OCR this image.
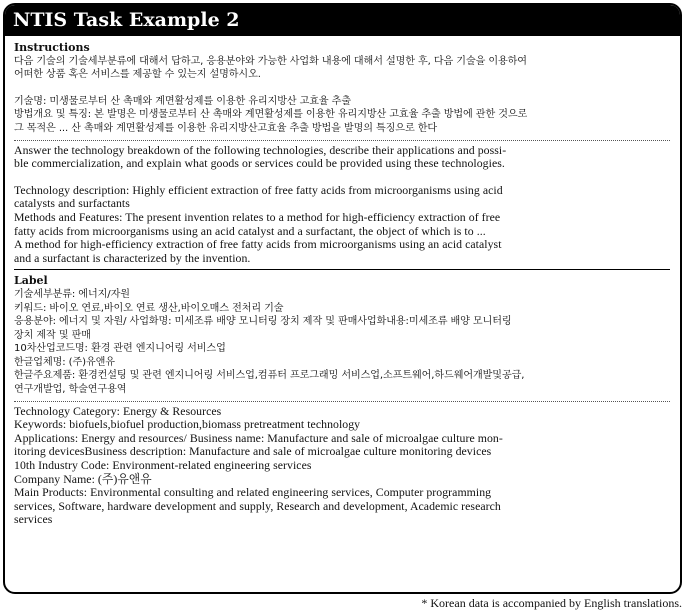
NTIS Task Example 2
Instructions
다음 기술의 기술세부분류에 대해서 답하고, 응용분야와 가능한 사업화 내용에 대해서 설명한 후, 다음 기술을 이용하여
어떠한 상품 혹은 서비스를 제공할 수 있는지 설명하시오.
기술명: 미생물로부터 산 촉매와 계면활성제를 이용한 유리지방산 고효율 추출
방법개요 및 특징: 본 발명은 미생물로부터 산 촉매와 계면활성제를 이용한 유리지방산 고효율 추출 방법에 관한 것으로
그 목적은 ... 산 촉매와 계면활성제를 이용한 유리지방산고효율 추출 방법을 발명의 특징으로 한다
Answer the technology breakdown of the following technologies, describe their applications and possi-
ble commercialization, and explain what goods or services could be provided using these technologies.
Technology description: Highly efficient extraction of free fatty acids from microorganisms using acid
catalysts and surfactants
Methods and Features: The present invention relates to a method for high-efficiency extraction of free
fatty acids from microorganisms using an acid catalyst and a surfactant, the object of which is to ...
A method for high-efficiency extraction of free fatty acids from microorganisms using an acid catalyst
and a surfactant is characterized by the invention.
Label
기술세부분류: 에너지/자원
키워드: 바이오 연료,바이오 연료 생산,바이오매스 전처리 기술
응용분야: 에너지 및 자원/ 사업화명: 미세조류 배양 모니터링 장치 제작 및 판매사업화내용:미세조류 배양 모니터링
장치 제작 및 판매
10차산업코드명: 환경 관련 엔지니어링 서비스업
한글업체명: (주)유앤유
한글주요제품: 환경컨설팅 및 관련 엔지니어링 서비스업,컴퓨터 프로그래밍 서비스업,소프트웨어,하드웨어개발및공급,
연구개발업, 학술연구용역
Technology Category: Energy & Resources
Keywords: biofuels,biofuel production,biomass pretreatment technology
Applications: Energy and resources/ Business name: Manufacture and sale of microalgae culture mon-
itoring devicesBusiness description: Manufacture and sale of microalgae culture monitoring devices
10th Industry Code: Environment-related engineering services
Company Name: (주)유앤유
Main Products: Environmental consulting and related engineering services, Computer programming
services, Software, hardware development and supply, Research and development, Academic research
services
* Korean data is accompanied by English translations.
